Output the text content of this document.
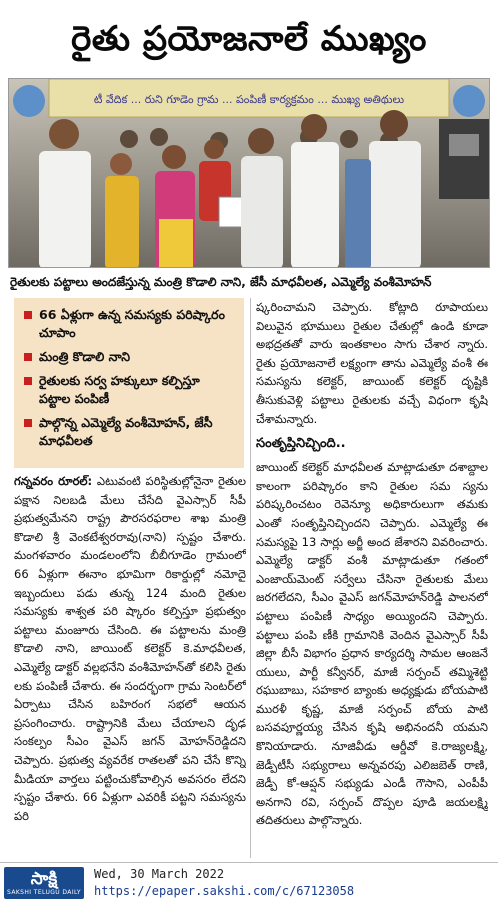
రైతు ప్రయోజనాలే ముఖ్యం
టీ వేదిక ... రుని గూడెం గ్రామ ... పంపిణీ కార్యక్రమం ... ముఖ్య అతిథులు
రైతులకు పట్టాలు అందజేస్తున్న మంత్రి కొడాలి నాని, జేసీ మాధవీలత, ఎమ్మెల్యే వంశీమోహన్
66 ఏళ్లుగా ఉన్న సమస్యకు పరిష్కారం చూపాం
మంత్రి కొడాలి నాని
రైతులకు సర్వ హక్కులూ కల్పిస్తూ పట్టాల పంపిణీ
పాల్గొన్న ఎమ్మెల్యే వంశీమోహన్, జేసీ మాధవీలత

గన్నవరం రూరల్: ఎటువంటి పరిస్థితుల్లోనైనా రైతుల పక్షాన నిలబడి మేలు చేసేది వైఎస్సార్ సీపీ ప్రభుత్వమేనని రాష్ట్ర పౌరసరఫరాల శాఖ మంత్రి కొడాలి శ్రీ వెంకటేశ్వరరావు(నాని) స్పష్టం చేశారు. మంగళవారం మండలంలోని బీబీగూడెం గ్రామంలో 66 ఏళ్లుగా ఈనాం భూమిగా రికార్డుల్లో నమోదై ఇబ్బందులు పడు తున్న 124 మంది రైతుల సమస్యకు శాశ్వత పరి ష్కారం కల్పిస్తూ ప్రభుత్వం పట్టాలు మంజూరు చేసింది. ఈ పట్టాలను మంత్రి కొడాలి నాని, జాయింట్ కలెక్టర్ కె.మాధవీలత, ఎమ్మెల్యే డాక్టర్ వల్లభనేని వంశీమోహన్‌తో కలిసి రైతు లకు పంపిణీ చేశారు. ఈ సందర్భంగా గ్రామ సెంటర్‌లో ఏర్పాటు చేసిన బహిరంగ సభలో ఆయన ప్రసంగించారు. రాష్ట్రానికి మేలు చేయాలని దృఢ సంకల్పం సీఎం వైఎస్ జగన్ మోహన్‌రెడ్డిదని చెప్పారు. ప్రభుత్వ వ్యవరేక రాతలతో పని చేసే కొన్ని మీడియా వార్తలు పట్టించుకోవాల్సిన అవసరం లేదని స్పష్టం చేశారు. 66 ఏళ్లుగా ఎవరికీ పట్టని సమస్యను పరి

ష్కరించామని చెప్పారు. కోట్లాది రూపాయలు విలువైన భూములు రైతుల చేతుల్లో ఉండి కూడా అభద్రతతో వారు ఇంతకాలం సాగు చేశార న్నారు. రైతు ప్రయోజనాలే లక్ష్యంగా తాను ఎమ్మెల్యే వంశీ ఈ సమస్యను కలెక్టర్, జాయింట్ కలెక్టర్ దృష్టికి తీసుకువెళ్లి పట్టాలు రైతులకు వచ్చే విధంగా కృషి చేశామన్నారు.

సంతృప్తినిచ్చింది..

జాయింట్ కలెక్టర్ మాధవీలత మాట్లాడుతూ దశాబ్దాల కాలంగా పరిష్కారం కాని రైతుల సమ స్యను పరిష్కరించటం రెవెన్యూ అధికారులుగా తమకు ఎంతో సంతృప్తినిచ్చిందని చెప్పారు. ఎమ్మెల్యే ఈ సమస్యపై 13 సార్లు అర్జీ అంద జేశారని వివరించారు. ఎమ్మెల్యే డాక్టర్ వంశీ మాట్లాడుతూ గతంలో ఎంజాయ్‌మెంట్ సర్వేలు చేసినా రైతులకు మేలు జరగలేదని, సీఎం వైఎస్ జగన్‌మోహన్‌రెడ్డి పాలనలో పట్టాలు పంపిణీ సాధ్యం అయ్యిందని చెప్పారు. పట్టాలు పంపి ణీకి గ్రామానికి వెందిన వైఎస్సార్ సీపీ జిల్లా బీసీ విభాగం ప్రధాన కార్యదర్శి సామల ఆంజనే యులు, పార్టీ కన్వీనర్, మాజీ సర్పంచ్ తమ్మిశెట్టి రఘుబాబు, సహకార బ్యాంకు అధ్యక్షుడు బోయపాటి మురళీ కృష్ణ, మాజీ సర్పంచ్ బోయ పాటి బసవపూర్ణయ్య చేసిన కృషి అభినందనీ యమని కొనియాడారు. నూజివీడు ఆర్డీవో కె.రాజ్యలక్ష్మి, జెడ్పీటీసీ సభ్యురాలు అన్నవరపు ఎలిజబెత్ రాణి, జెడ్పీ కో-ఆప్షన్ సభ్యుడు ఎండీ గౌసాని, ఎంపీపీ అనగాని రవి, సర్పంచ్ దొప్పల పూడి జయలక్ష్మి తదితరులు పాల్గొన్నారు.

సాక్షి
SAKSHI TELUGU DAILY
Wed, 30 March 2022
https://epaper.sakshi.com/c/67123058
